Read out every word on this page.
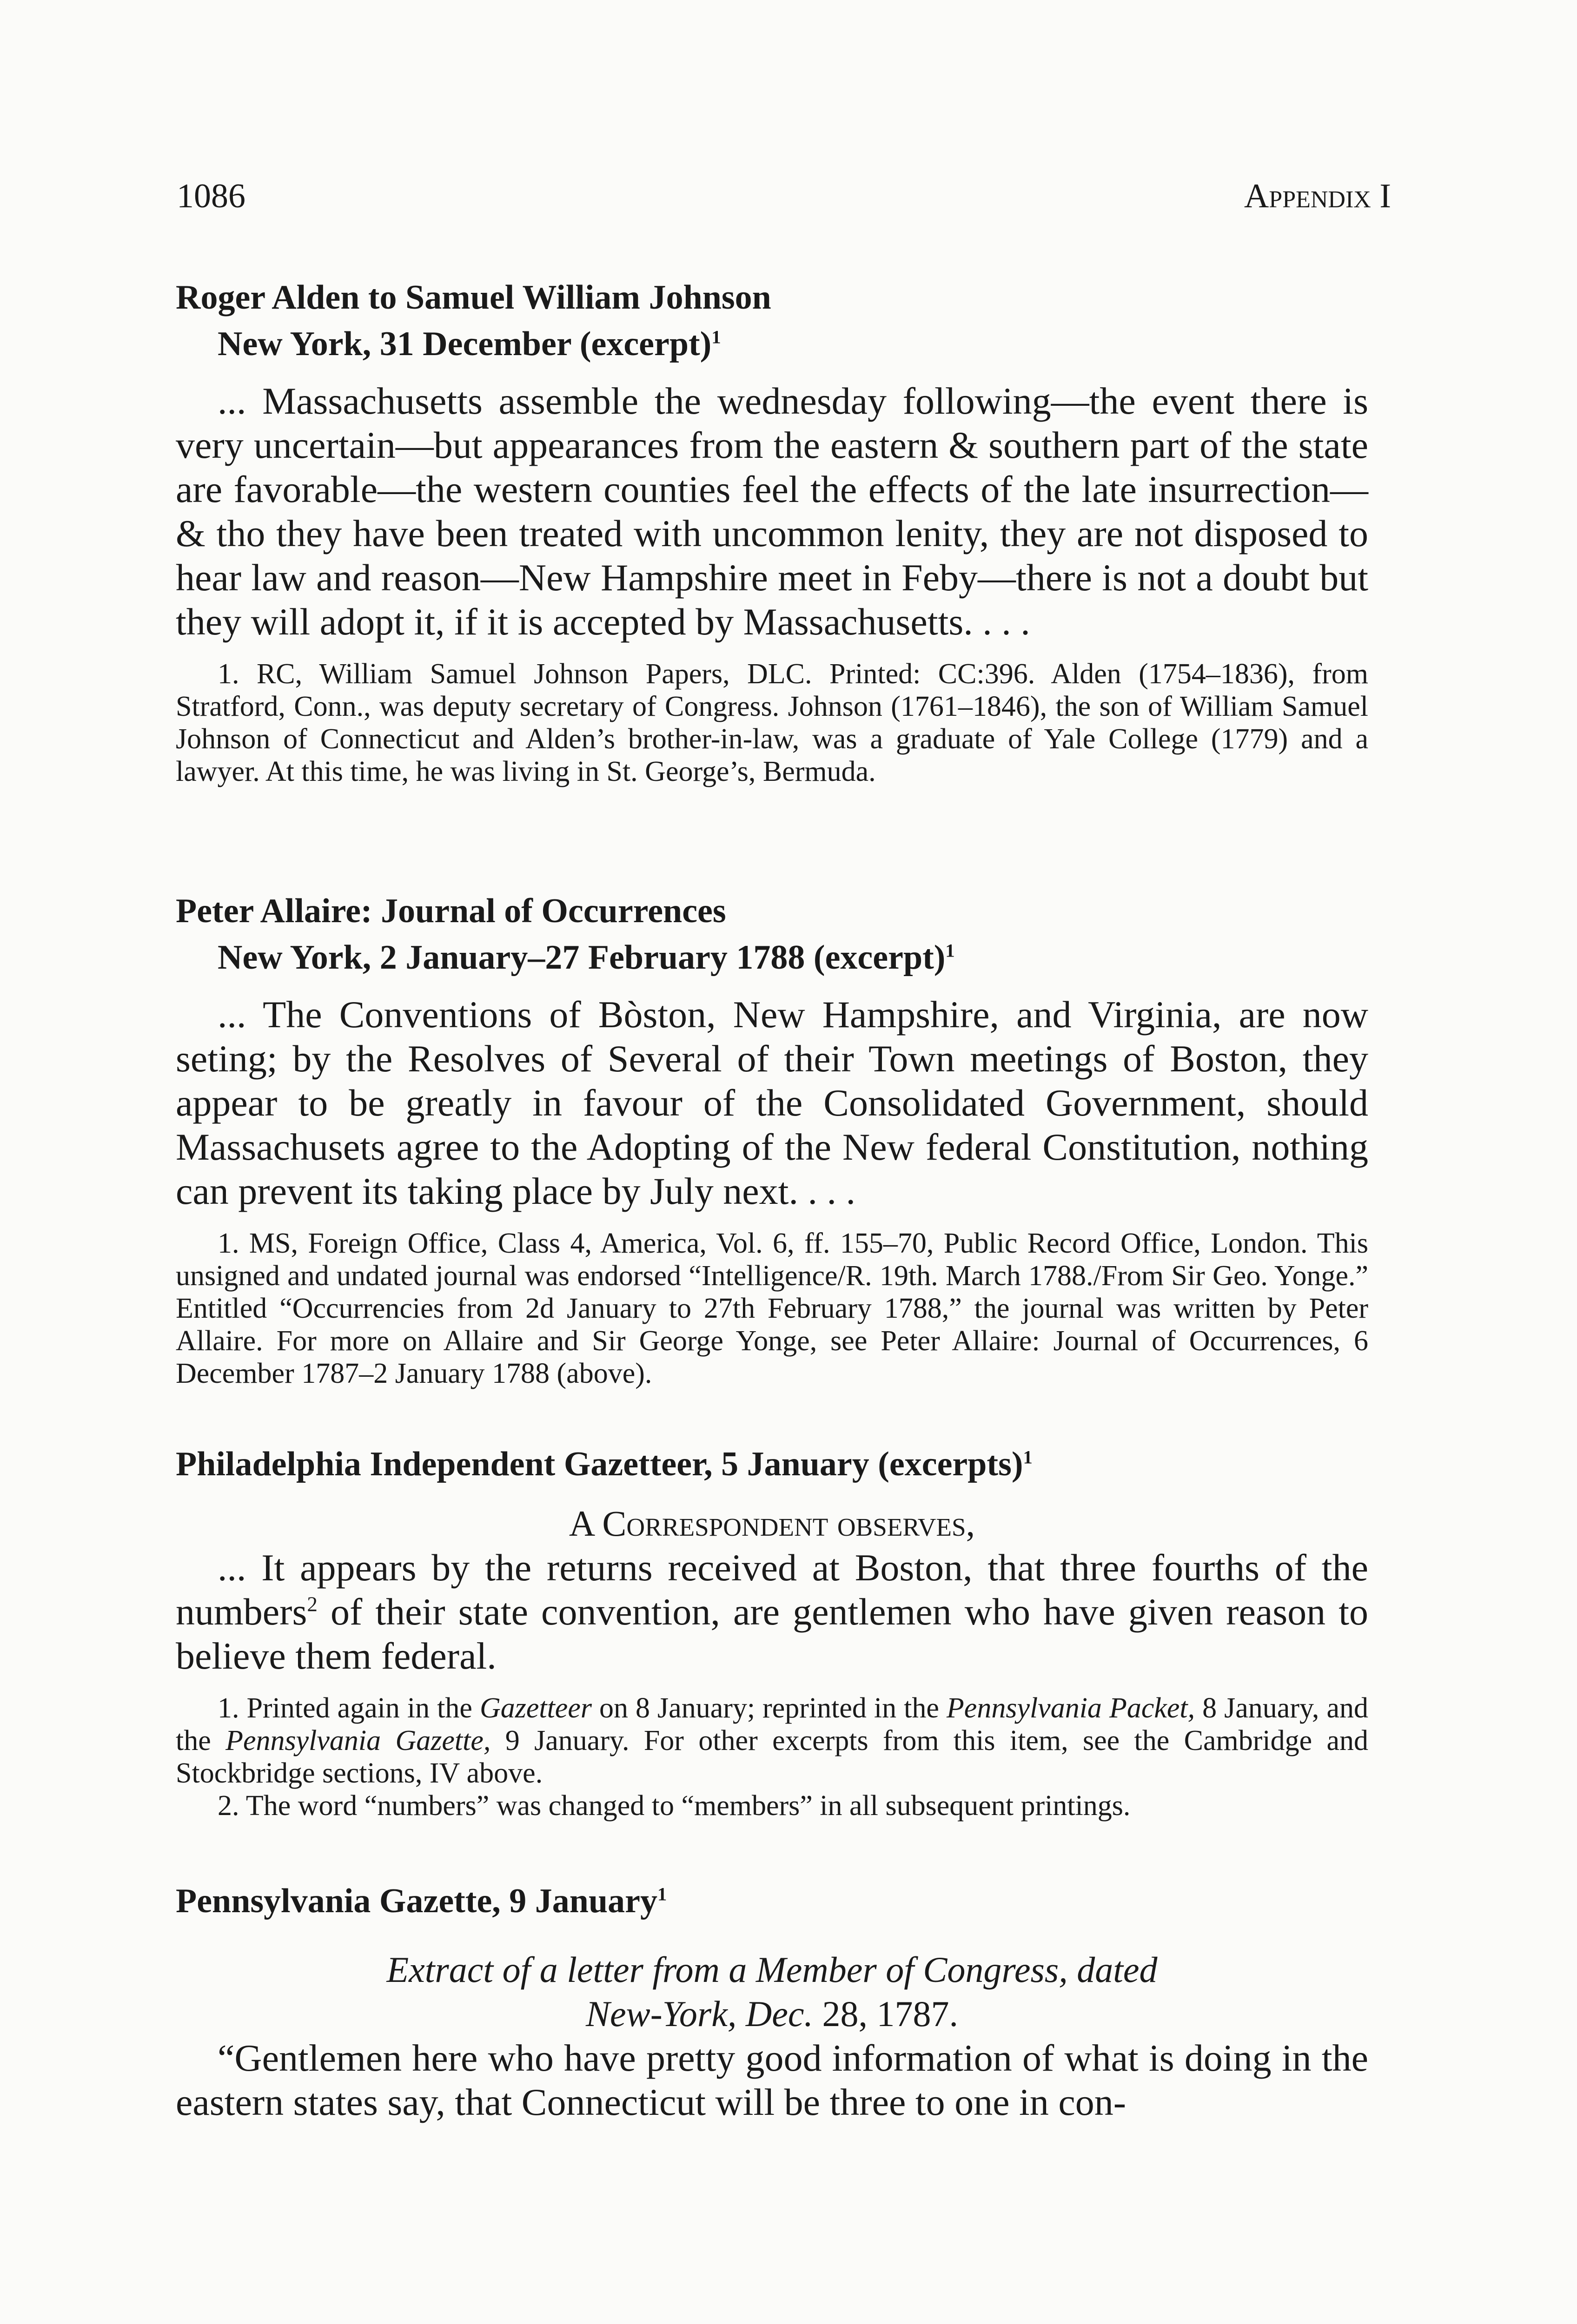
1086	Appendix I
Roger Alden to Samuel William Johnson
New York, 31 December (excerpt)$^1$

... Massachusetts assemble the wednesday following—the event there is very uncertain—but appearances from the eastern & southern part of the state are favorable—the western counties feel the effects of the late insurrection—& tho they have been treated with uncommon lenity, they are not disposed to hear law and reason—New Hampshire meet in Feby—there is not a doubt but they will adopt it, if it is accepted by Massachusetts. . . .

1. RC, William Samuel Johnson Papers, DLC. Printed: CC:396. Alden (1754–1836), from Stratford, Conn., was deputy secretary of Congress. Johnson (1761–1846), the son of William Samuel Johnson of Connecticut and Alden’s brother-in-law, was a graduate of Yale College (1779) and a lawyer. At this time, he was living in St. George’s, Bermuda.

Peter Allaire: Journal of Occurrences
New York, 2 January–27 February 1788 (excerpt)$^1$

... The Conventions of Bòston, New Hampshire, and Virginia, are now seting; by the Resolves of Several of their Town meetings of Boston, they appear to be greatly in favour of the Consolidated Government, should Massachusets agree to the Adopting of the New federal Constitution, nothing can prevent its taking place by July next. . . .

1. MS, Foreign Office, Class 4, America, Vol. 6, ff. 155–70, Public Record Office, London. This unsigned and undated journal was endorsed “Intelligence/R. 19th. March 1788./From Sir Geo. Yonge.” Entitled “Occurrencies from 2d January to 27th February 1788,” the journal was written by Peter Allaire. For more on Allaire and Sir George Yonge, see Peter Allaire: Journal of Occurrences, 6 December 1787–2 January 1788 (above).

Philadelphia Independent Gazetteer, 5 January (excerpts)$^1$
A Correspondent observes,

... It appears by the returns received at Boston, that three fourths of the numbers$^2$ of their state convention, are gentlemen who have given reason to believe them federal.

1. Printed again in the Gazetteer on 8 January; reprinted in the Pennsylvania Packet, 8 January, and the Pennsylvania Gazette, 9 January. For other excerpts from this item, see the Cambridge and Stockbridge sections, IV above.

2. The word “numbers” was changed to “members” in all subsequent printings.

Pennsylvania Gazette, 9 January$^1$
Extract of a letter from a Member of Congress, dated
New-York, Dec. 28, 1787.

“Gentlemen here who have pretty good information of what is doing in the eastern states say, that Connecticut will be three to one in con-
